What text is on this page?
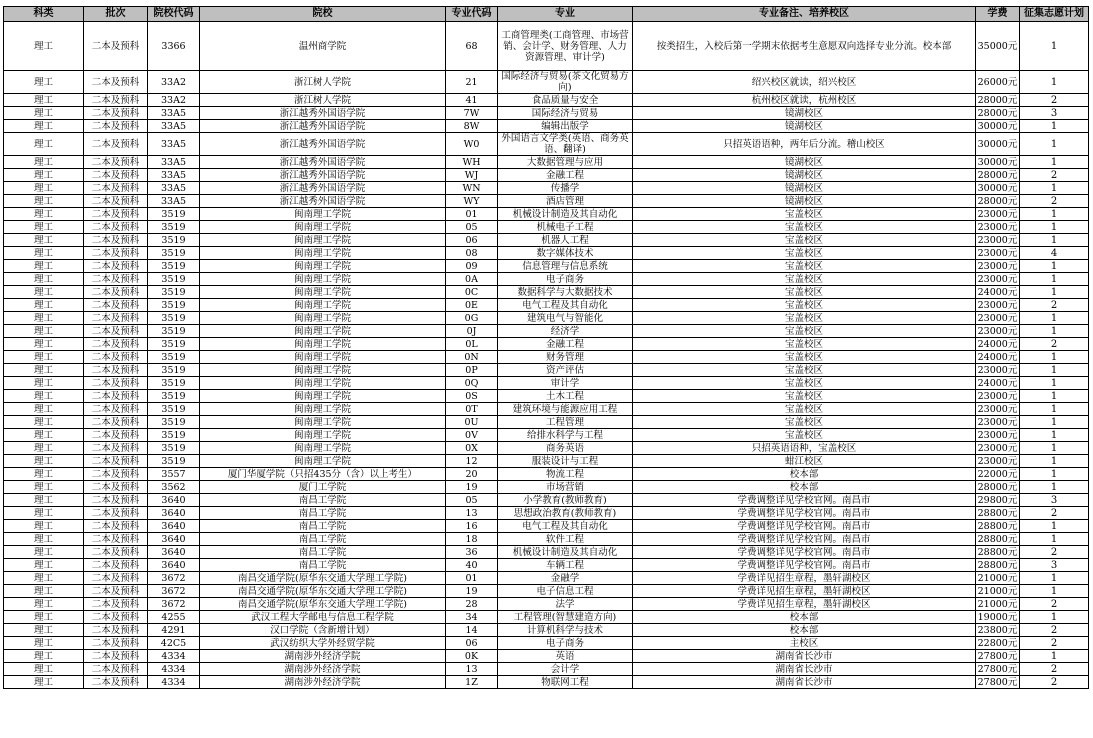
科类	批次	院校代码	院校	专业代码	专业	专业备注、培养校区	学费	征集志愿计划
理工	二本及预科	3366	温州商学院	68	工商管理类(工商管理、市场营销、会计学、财务管理、人力资源管理、审计学)	按类招生，入校后第一学期末依据考生意愿双向选择专业分流。校本部	35000元	1
理工	二本及预科	33A2	浙江树人学院	21	国际经济与贸易(茶文化贸易方向)	绍兴校区就读，绍兴校区	26000元	1
理工	二本及预科	33A2	浙江树人学院	41	食品质量与安全	杭州校区就读，杭州校区	28000元	2
理工	二本及预科	33A5	浙江越秀外国语学院	7W	国际经济与贸易	镜湖校区	28000元	3
理工	二本及预科	33A5	浙江越秀外国语学院	8W	编辑出版学	镜湖校区	30000元	1
理工	二本及预科	33A5	浙江越秀外国语学院	W0	外国语言文学类(英语、商务英语、翻译)	只招英语语种，两年后分流。稽山校区	30000元	1
理工	二本及预科	33A5	浙江越秀外国语学院	WH	大数据管理与应用	镜湖校区	30000元	1
理工	二本及预科	33A5	浙江越秀外国语学院	WJ	金融工程	镜湖校区	28000元	2
理工	二本及预科	33A5	浙江越秀外国语学院	WN	传播学	镜湖校区	30000元	1
理工	二本及预科	33A5	浙江越秀外国语学院	WY	酒店管理	镜湖校区	28000元	2
理工	二本及预科	3519	闽南理工学院	01	机械设计制造及其自动化	宝盖校区	23000元	1
理工	二本及预科	3519	闽南理工学院	05	机械电子工程	宝盖校区	23000元	1
理工	二本及预科	3519	闽南理工学院	06	机器人工程	宝盖校区	23000元	1
理工	二本及预科	3519	闽南理工学院	08	数字媒体技术	宝盖校区	23000元	4
理工	二本及预科	3519	闽南理工学院	09	信息管理与信息系统	宝盖校区	23000元	1
理工	二本及预科	3519	闽南理工学院	0A	电子商务	宝盖校区	23000元	1
理工	二本及预科	3519	闽南理工学院	0C	数据科学与大数据技术	宝盖校区	24000元	1
理工	二本及预科	3519	闽南理工学院	0E	电气工程及其自动化	宝盖校区	23000元	2
理工	二本及预科	3519	闽南理工学院	0G	建筑电气与智能化	宝盖校区	23000元	1
理工	二本及预科	3519	闽南理工学院	0J	经济学	宝盖校区	23000元	1
理工	二本及预科	3519	闽南理工学院	0L	金融工程	宝盖校区	24000元	2
理工	二本及预科	3519	闽南理工学院	0N	财务管理	宝盖校区	24000元	1
理工	二本及预科	3519	闽南理工学院	0P	资产评估	宝盖校区	23000元	1
理工	二本及预科	3519	闽南理工学院	0Q	审计学	宝盖校区	24000元	1
理工	二本及预科	3519	闽南理工学院	0S	土木工程	宝盖校区	23000元	1
理工	二本及预科	3519	闽南理工学院	0T	建筑环境与能源应用工程	宝盖校区	23000元	1
理工	二本及预科	3519	闽南理工学院	0U	工程管理	宝盖校区	23000元	1
理工	二本及预科	3519	闽南理工学院	0V	给排水科学与工程	宝盖校区	23000元	1
理工	二本及预科	3519	闽南理工学院	0X	商务英语	只招英语语种，宝盖校区	23000元	1
理工	二本及预科	3519	闽南理工学院	12	服装设计与工程	蚶江校区	23000元	1
理工	二本及预科	3557	厦门华厦学院（只招435分（含）以上考生）	20	物流工程	校本部	22000元	1
理工	二本及预科	3562	厦门工学院	19	市场营销	校本部	28000元	1
理工	二本及预科	3640	南昌工学院	05	小学教育(教师教育)	学费调整详见学校官网。南昌市	29800元	3
理工	二本及预科	3640	南昌工学院	13	思想政治教育(教师教育)	学费调整详见学校官网。南昌市	28800元	2
理工	二本及预科	3640	南昌工学院	16	电气工程及其自动化	学费调整详见学校官网。南昌市	28800元	1
理工	二本及预科	3640	南昌工学院	18	软件工程	学费调整详见学校官网。南昌市	28800元	1
理工	二本及预科	3640	南昌工学院	36	机械设计制造及其自动化	学费调整详见学校官网。南昌市	28800元	2
理工	二本及预科	3640	南昌工学院	40	车辆工程	学费调整详见学校官网。南昌市	28800元	3
理工	二本及预科	3672	南昌交通学院(原华东交通大学理工学院)	01	金融学	学费详见招生章程，墨轩湖校区	21000元	1
理工	二本及预科	3672	南昌交通学院(原华东交通大学理工学院)	19	电子信息工程	学费详见招生章程，墨轩湖校区	21000元	1
理工	二本及预科	3672	南昌交通学院(原华东交通大学理工学院)	28	法学	学费详见招生章程，墨轩湖校区	21000元	2
理工	二本及预科	4255	武汉工程大学邮电与信息工程学院	34	工程管理(智慧建造方向)	校本部	19000元	1
理工	二本及预科	4291	汉口学院（含新增计划）	14	计算机科学与技术	校本部	23800元	2
理工	二本及预科	42C5	武汉纺织大学外经贸学院	06	电子商务	主校区	22800元	2
理工	二本及预科	4334	湖南涉外经济学院	0K	英语	湖南省长沙市	27800元	1
理工	二本及预科	4334	湖南涉外经济学院	13	会计学	湖南省长沙市	27800元	2
理工	二本及预科	4334	湖南涉外经济学院	1Z	物联网工程	湖南省长沙市	27800元	2
